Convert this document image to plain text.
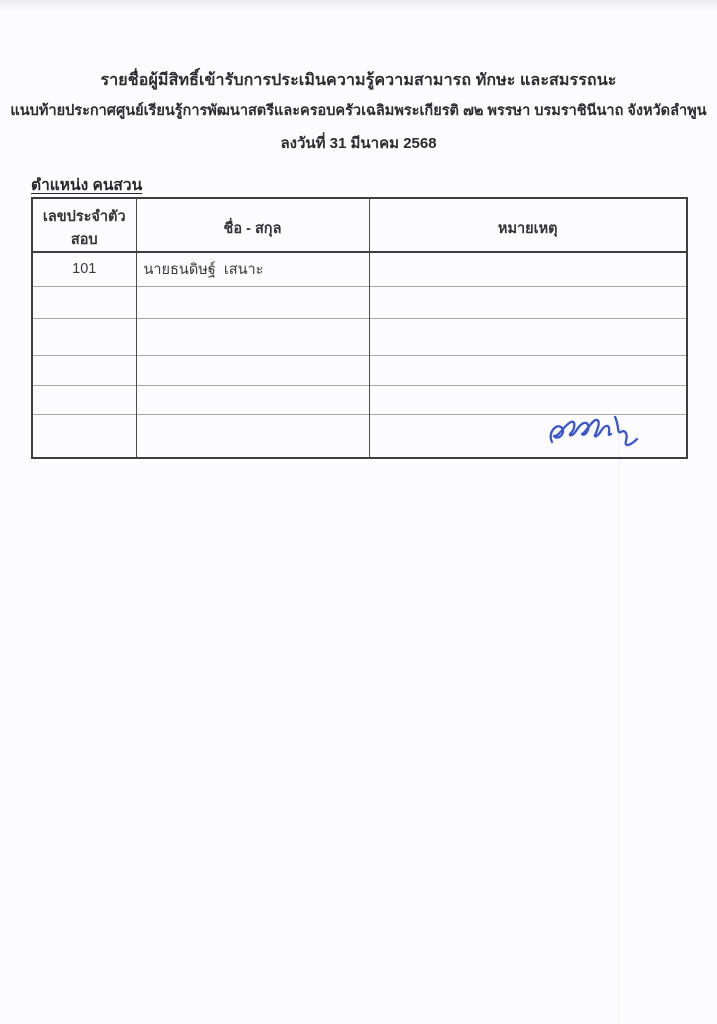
รายชื่อผู้มีสิทธิ์เข้ารับการประเมินความรู้ความสามารถ ทักษะ และสมรรถนะ
แนบท้ายประกาศศูนย์เรียนรู้การพัฒนาสตรีและครอบครัวเฉลิมพระเกียรติ ๗๒ พรรษา บรมราชินีนาถ จังหวัดลำพูน
ลงวันที่ 31 มีนาคม 2568
ตำแหน่ง คนสวน
เลขประจำตัวสอบ	ชื่อ - สกุล	หมายเหตุ
101	นายธนดิษฐ์ เสนาะ	
